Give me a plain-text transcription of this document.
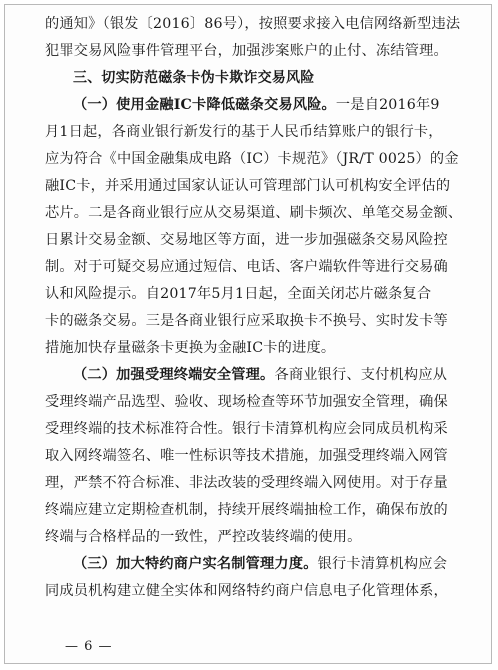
的通知》（银发〔2016〕86号），按照要求接入电信网络新型违法
犯罪交易风险事件管理平台，加强涉案账户的止付、冻结管理。
三、切实防范磁条卡伪卡欺诈交易风险
（一）使用金融IC卡降低磁条交易风险。一是自2016年9
月1日起，各商业银行新发行的基于人民币结算账户的银行卡，
应为符合《中国金融集成电路（IC）卡规范》（JR/T 0025）的金
融IC卡，并采用通过国家认证认可管理部门认可机构安全评估的
芯片。二是各商业银行应从交易渠道、刷卡频次、单笔交易金额、
日累计交易金额、交易地区等方面，进一步加强磁条交易风险控
制。对于可疑交易应通过短信、电话、客户端软件等进行交易确
认和风险提示。自2017年5月1日起，全面关闭芯片磁条复合
卡的磁条交易。三是各商业银行应采取换卡不换号、实时发卡等
措施加快存量磁条卡更换为金融IC卡的进度。
（二）加强受理终端安全管理。各商业银行、支付机构应从
受理终端产品选型、验收、现场检查等环节加强安全管理，确保
受理终端的技术标准符合性。银行卡清算机构应会同成员机构采
取入网终端签名、唯一性标识等技术措施，加强受理终端入网管
理，严禁不符合标准、非法改装的受理终端入网使用。对于存量
终端应建立定期检查机制，持续开展终端抽检工作，确保布放的
终端与合格样品的一致性，严控改装终端的使用。
（三）加大特约商户实名制管理力度。银行卡清算机构应会
同成员机构建立健全实体和网络特约商户信息电子化管理体系，
— 6 —
